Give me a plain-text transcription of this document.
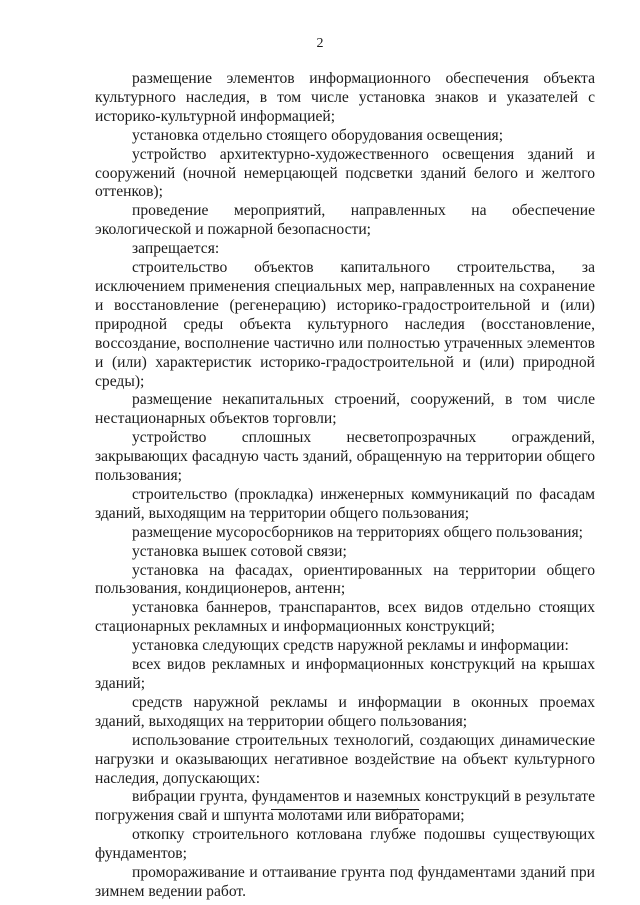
2

размещение элементов информационного обеспечения объекта культурного наследия, в том числе установка знаков и указателей с историко-культурной информацией;

установка отдельно стоящего оборудования освещения;

устройство архитектурно-художественного освещения зданий и сооружений (ночной немерцающей подсветки зданий белого и желтого оттенков);

проведение мероприятий, направленных на обеспечение экологической и пожарной безопасности;

запрещается:

строительство объектов капитального строительства, за исключением применения специальных мер, направленных на сохранение и восстановление (регенерацию) историко-градостроительной и (или) природной среды объекта культурного наследия (восстановление, воссоздание, восполнение частично или полностью утраченных элементов и (или) характеристик историко-градостроительной и (или) природной среды);

размещение некапитальных строений, сооружений, в том числе нестационарных объектов торговли;

устройство сплошных несветопрозрачных ограждений, закрывающих фасадную часть зданий, обращенную на территории общего пользования;

строительство (прокладка) инженерных коммуникаций по фасадам зданий, выходящим на территории общего пользования;

размещение мусоросборников на территориях общего пользования;

установка вышек сотовой связи;

установка на фасадах, ориентированных на территории общего пользования, кондиционеров, антенн;

установка баннеров, транспарантов, всех видов отдельно стоящих стационарных рекламных и информационных конструкций;

установка следующих средств наружной рекламы и информации:

всех видов рекламных и информационных конструкций на крышах зданий;

средств наружной рекламы и информации в оконных проемах зданий, выходящих на территории общего пользования;

использование строительных технологий, создающих динамические нагрузки и оказывающих негативное воздействие на объект культурного наследия, допускающих:

вибрации грунта, фундаментов и наземных конструкций в результате погружения свай и шпунта молотами или вибраторами;

откопку строительного котлована глубже подошвы существующих фундаментов;

промораживание и оттаивание грунта под фундаментами зданий при зимнем ведении работ.
